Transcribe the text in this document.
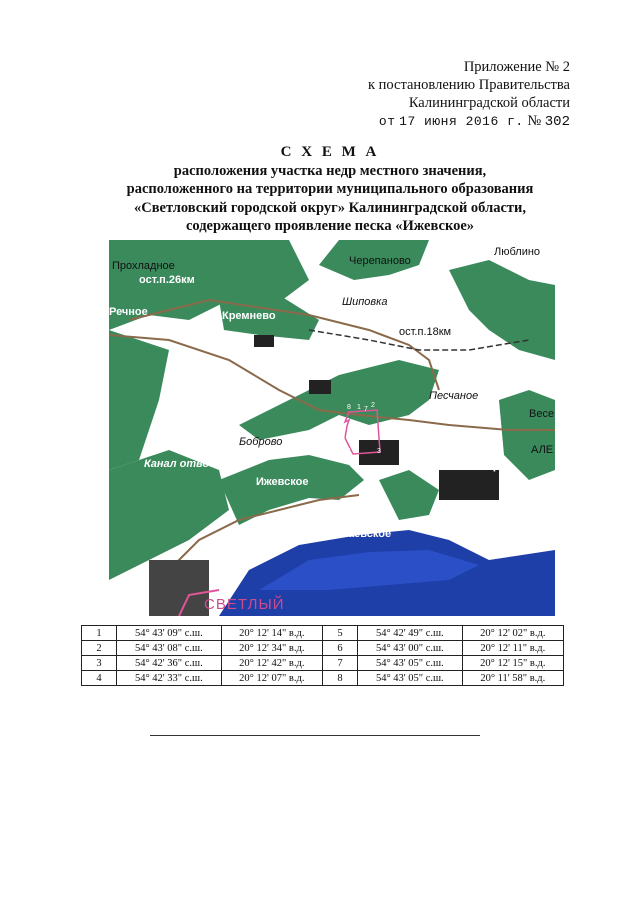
Приложение № 2
к постановлению Правительства
Калининградской области
от 17 июня 2016 г. № 302
С Х Е М А
расположения участка недр местного значения,
расположенного на территории муниципального образования
«Светловский городской округ» Калининградской области,
содержащего проявление песка «Ижевское»
Прохладное
ост.п.26км
Черепаново
Люблино
Шиповка
Кремнево
ост.п.18км
Речное
Песчаное
Весе
Боброво
Канал отводной
Ижевское
Взморье
АЛЕ
Волочаевское
СВЕТЛЫЙ
8	2
1 7
6
5
4	3
1	54° 43' 09" с.ш.	20° 12' 14" в.д.	5	54° 42' 49" с.ш.	20° 12' 02" в.д.
2	54° 43' 08" с.ш.	20° 12' 34" в.д.	6	54° 43' 00" с.ш.	20° 12' 11" в.д.
3	54° 42' 36" с.ш.	20° 12' 42" в.д.	7	54° 43' 05" с.ш.	20° 12' 15" в.д.
4	54° 42' 33" с.ш.	20° 12' 07" в.д.	8	54° 43' 05" с.ш.	20° 11' 58" в.д.
